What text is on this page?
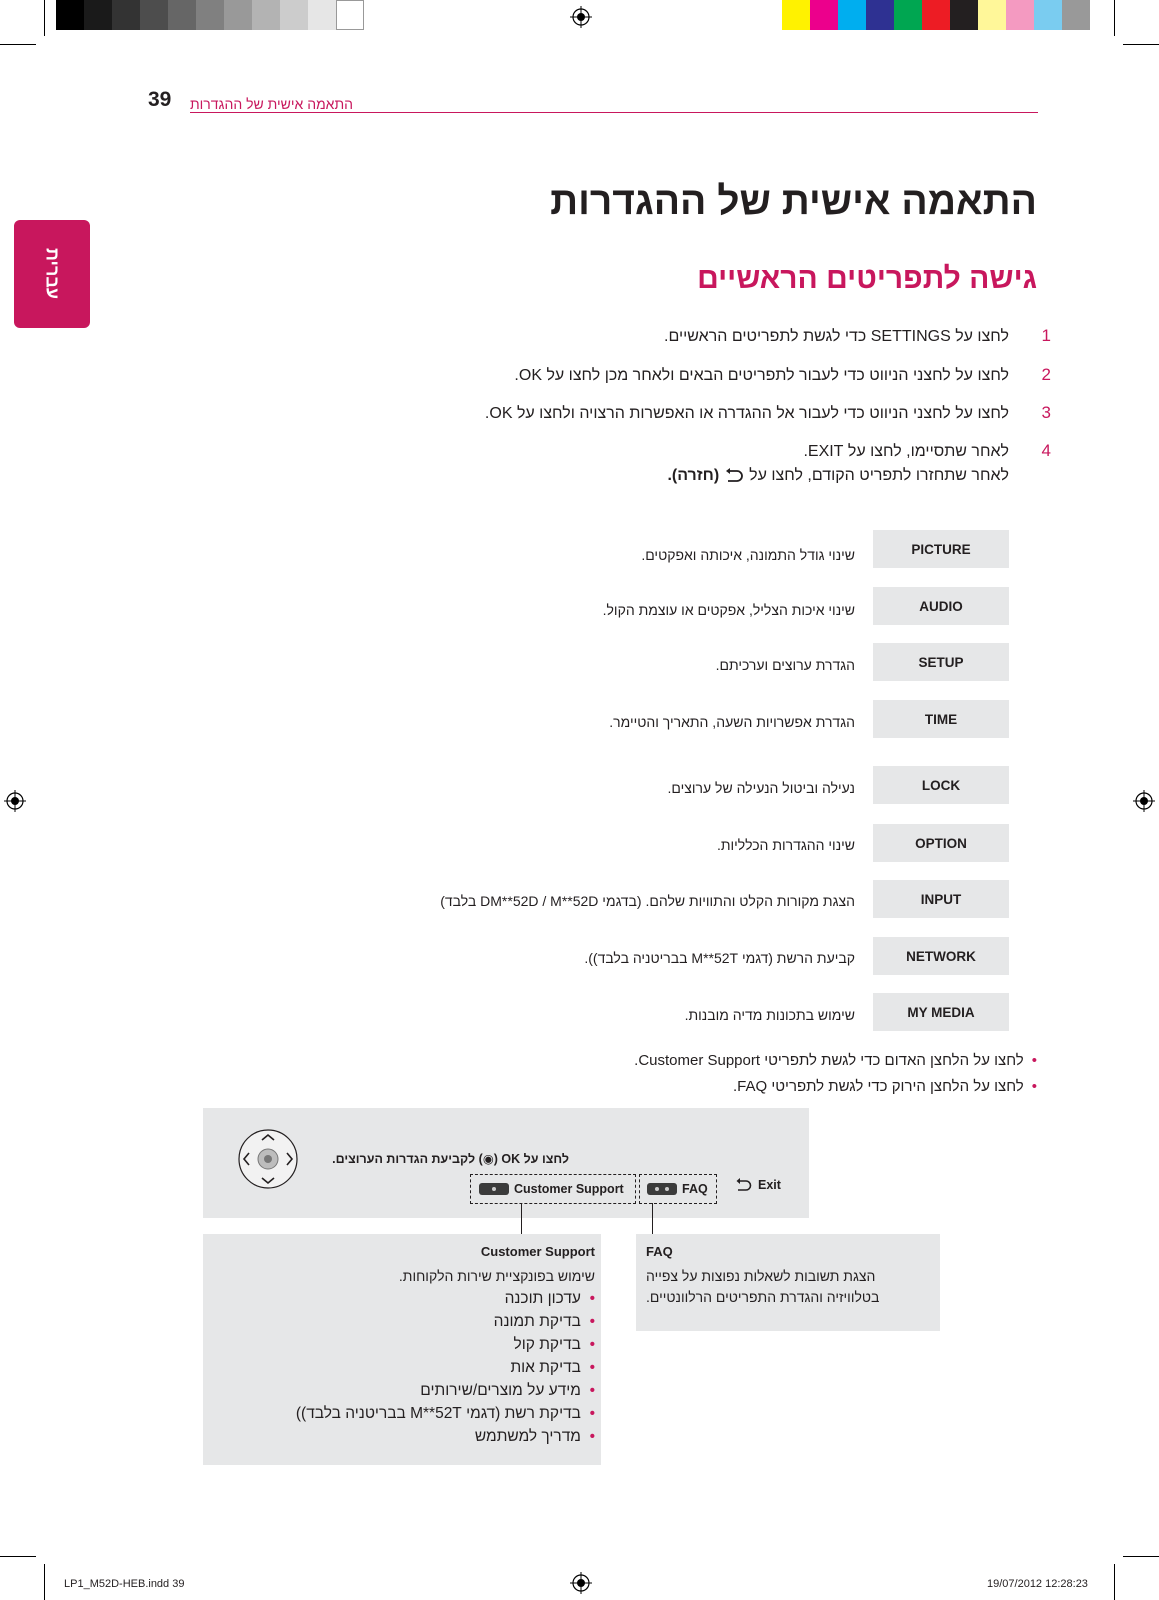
39 התאמה אישית של ההגדרות
עברית
התאמה אישית של ההגדרות
גישה לתפריטים הראשיים
1
לחצו על SETTINGS כדי לגשת לתפריטים הראשיים.
2
לחצו על לחצני הניווט כדי לעבור לתפריטים הבאים ולאחר מכן לחצו על OK.
3
לחצו על לחצני הניווט כדי לעבור אל ההגדרה או האפשרות הרצויה ולחצו על OK.
4
לאחר שתסיימו, לחצו על EXIT.
לאחר שתחזרו לתפריט הקודם, לחצו על
(חזרה).
PICTURE
שינוי גודל התמונה, איכותה ואפקטים.
AUDIO
שינוי איכות הצליל, אפקטים או עוצמת הקול.
SETUP
הגדרת ערוצים וערכיתם.
TIME
הגדרת אפשרויות השעה, התאריך והטיימר.
LOCK
נעילה וביטול הנעילה של ערוצים.
OPTION
שינוי ההגדרות הכלליות.
INPUT
הצגת מקורות הקלט והתוויות שלהם. (בדגמי DM**52D / M**52D בלבד)
NETWORK
קביעת הרשת (דגמי M**52T בבריטניה בלבד)).
MY MEDIA
שימוש בתכונות מדיה מובנות.
•לחצו על הלחצן האדום כדי לגשת לתפריטי Customer Support.
•לחצו על הלחצן הירוק כדי לגשת לתפריטי FAQ.
לחצו על OK (◉) לקביעת הגדרות הערוצים.
Customer Support	FAQ	Exit
Customer Support
שימוש בפונקציית שירות הלקוחות.
•  עדכון תוכנה
•  בדיקת תמונה
•  בדיקת קול
•  בדיקת אות
•  מידע על מוצרים/שירותים
•  בדיקת רשת (דגמי M**52T בבריטניה בלבד))
•  מדריך למשתמש
FAQ
הצגת תשובות לשאלות נפוצות על צפייה
בטלוויזיה והגדרת התפריטים הרלוונטיים.
LP1_M52D-HEB.indd 39	19/07/2012 12:28:23
